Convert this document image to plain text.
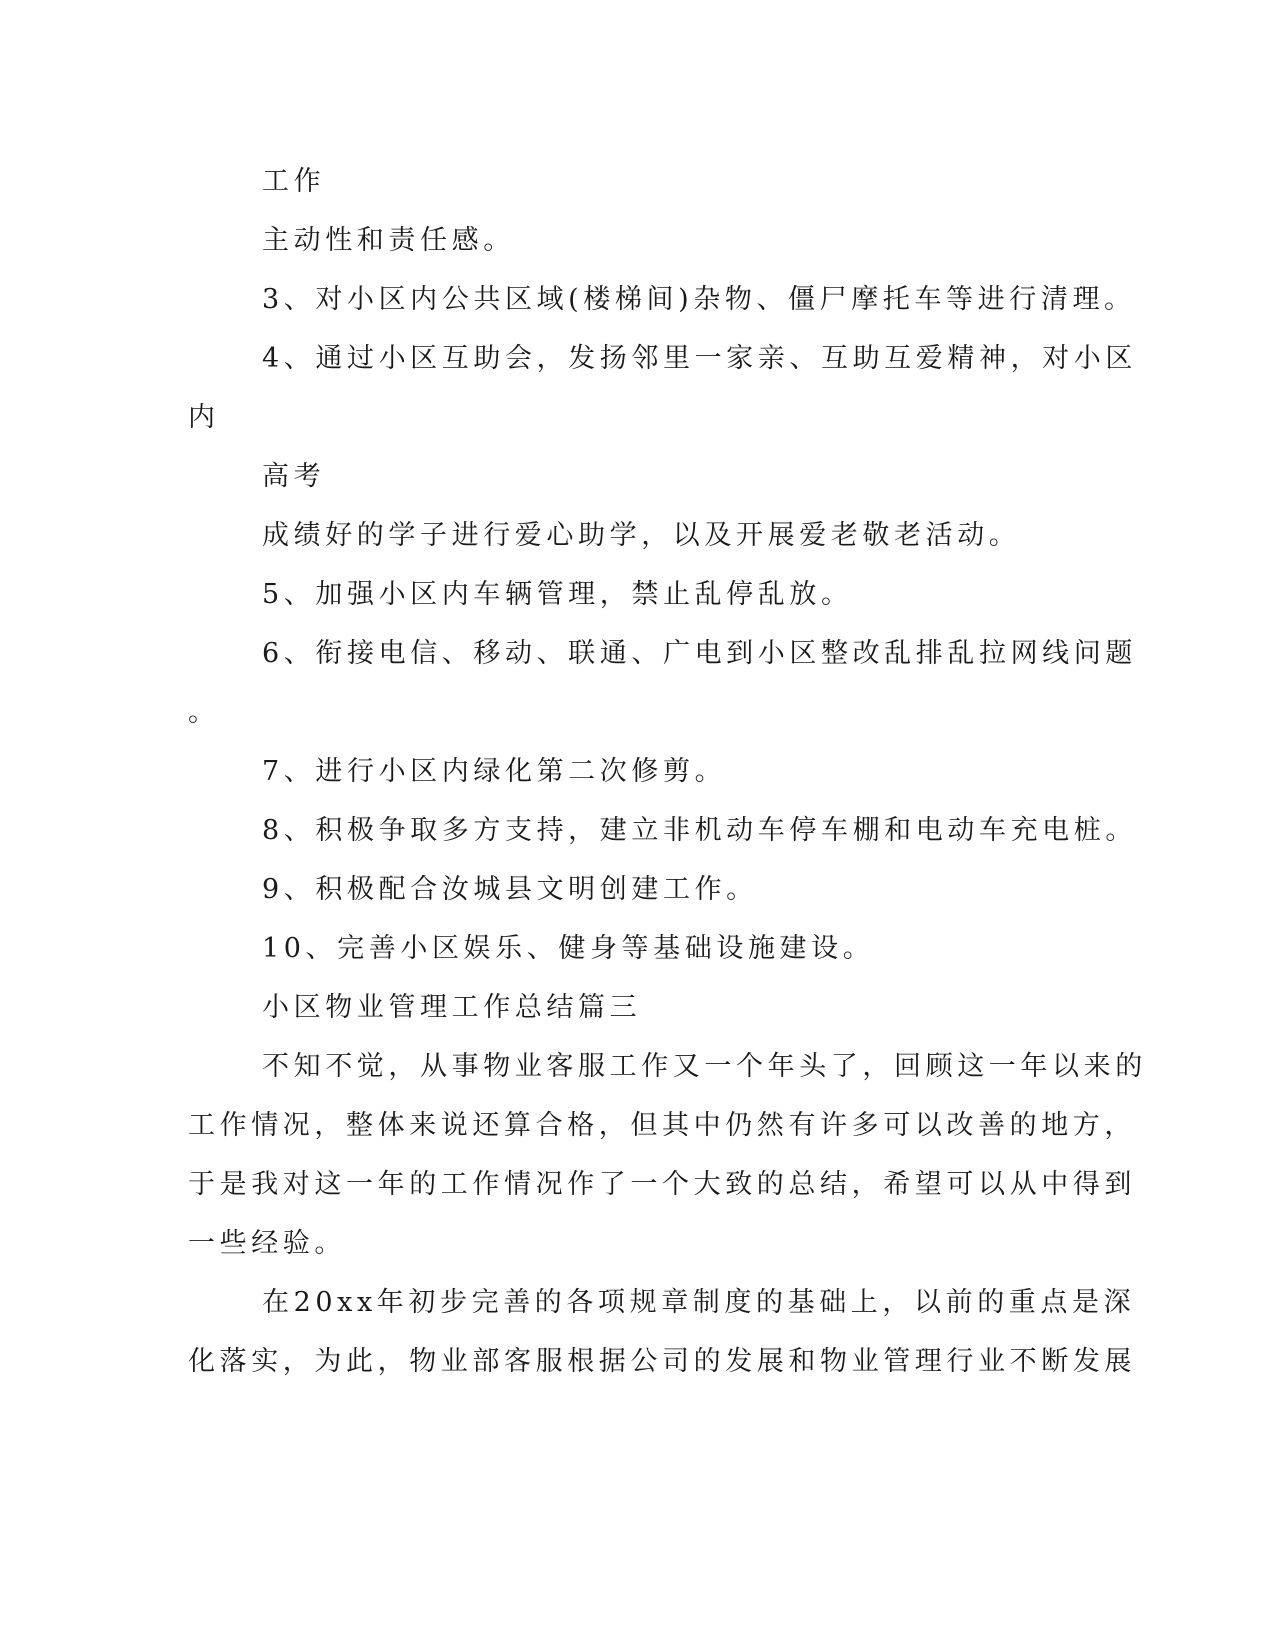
工作

主动性和责任感。

3、对小区内公共区域(楼梯间)杂物、僵尸摩托车等进行清理。

4、通过小区互助会，发扬邻里一家亲、互助互爱精神，对小区

内

高考

成绩好的学子进行爱心助学，以及开展爱老敬老活动。

5、加强小区内车辆管理，禁止乱停乱放。

6、衔接电信、移动、联通、广电到小区整改乱排乱拉网线问题

。

7、进行小区内绿化第二次修剪。

8、积极争取多方支持，建立非机动车停车棚和电动车充电桩。

9、积极配合汝城县文明创建工作。

10、完善小区娱乐、健身等基础设施建设。

小区物业管理工作总结篇三

不知不觉，从事物业客服工作又一个年头了，回顾这一年以来的

工作情况，整体来说还算合格，但其中仍然有许多可以改善的地方，

于是我对这一年的工作情况作了一个大致的总结，希望可以从中得到

一些经验。

在20xx年初步完善的各项规章制度的基础上，以前的重点是深

化落实，为此，物业部客服根据公司的发展和物业管理行业不断发展
